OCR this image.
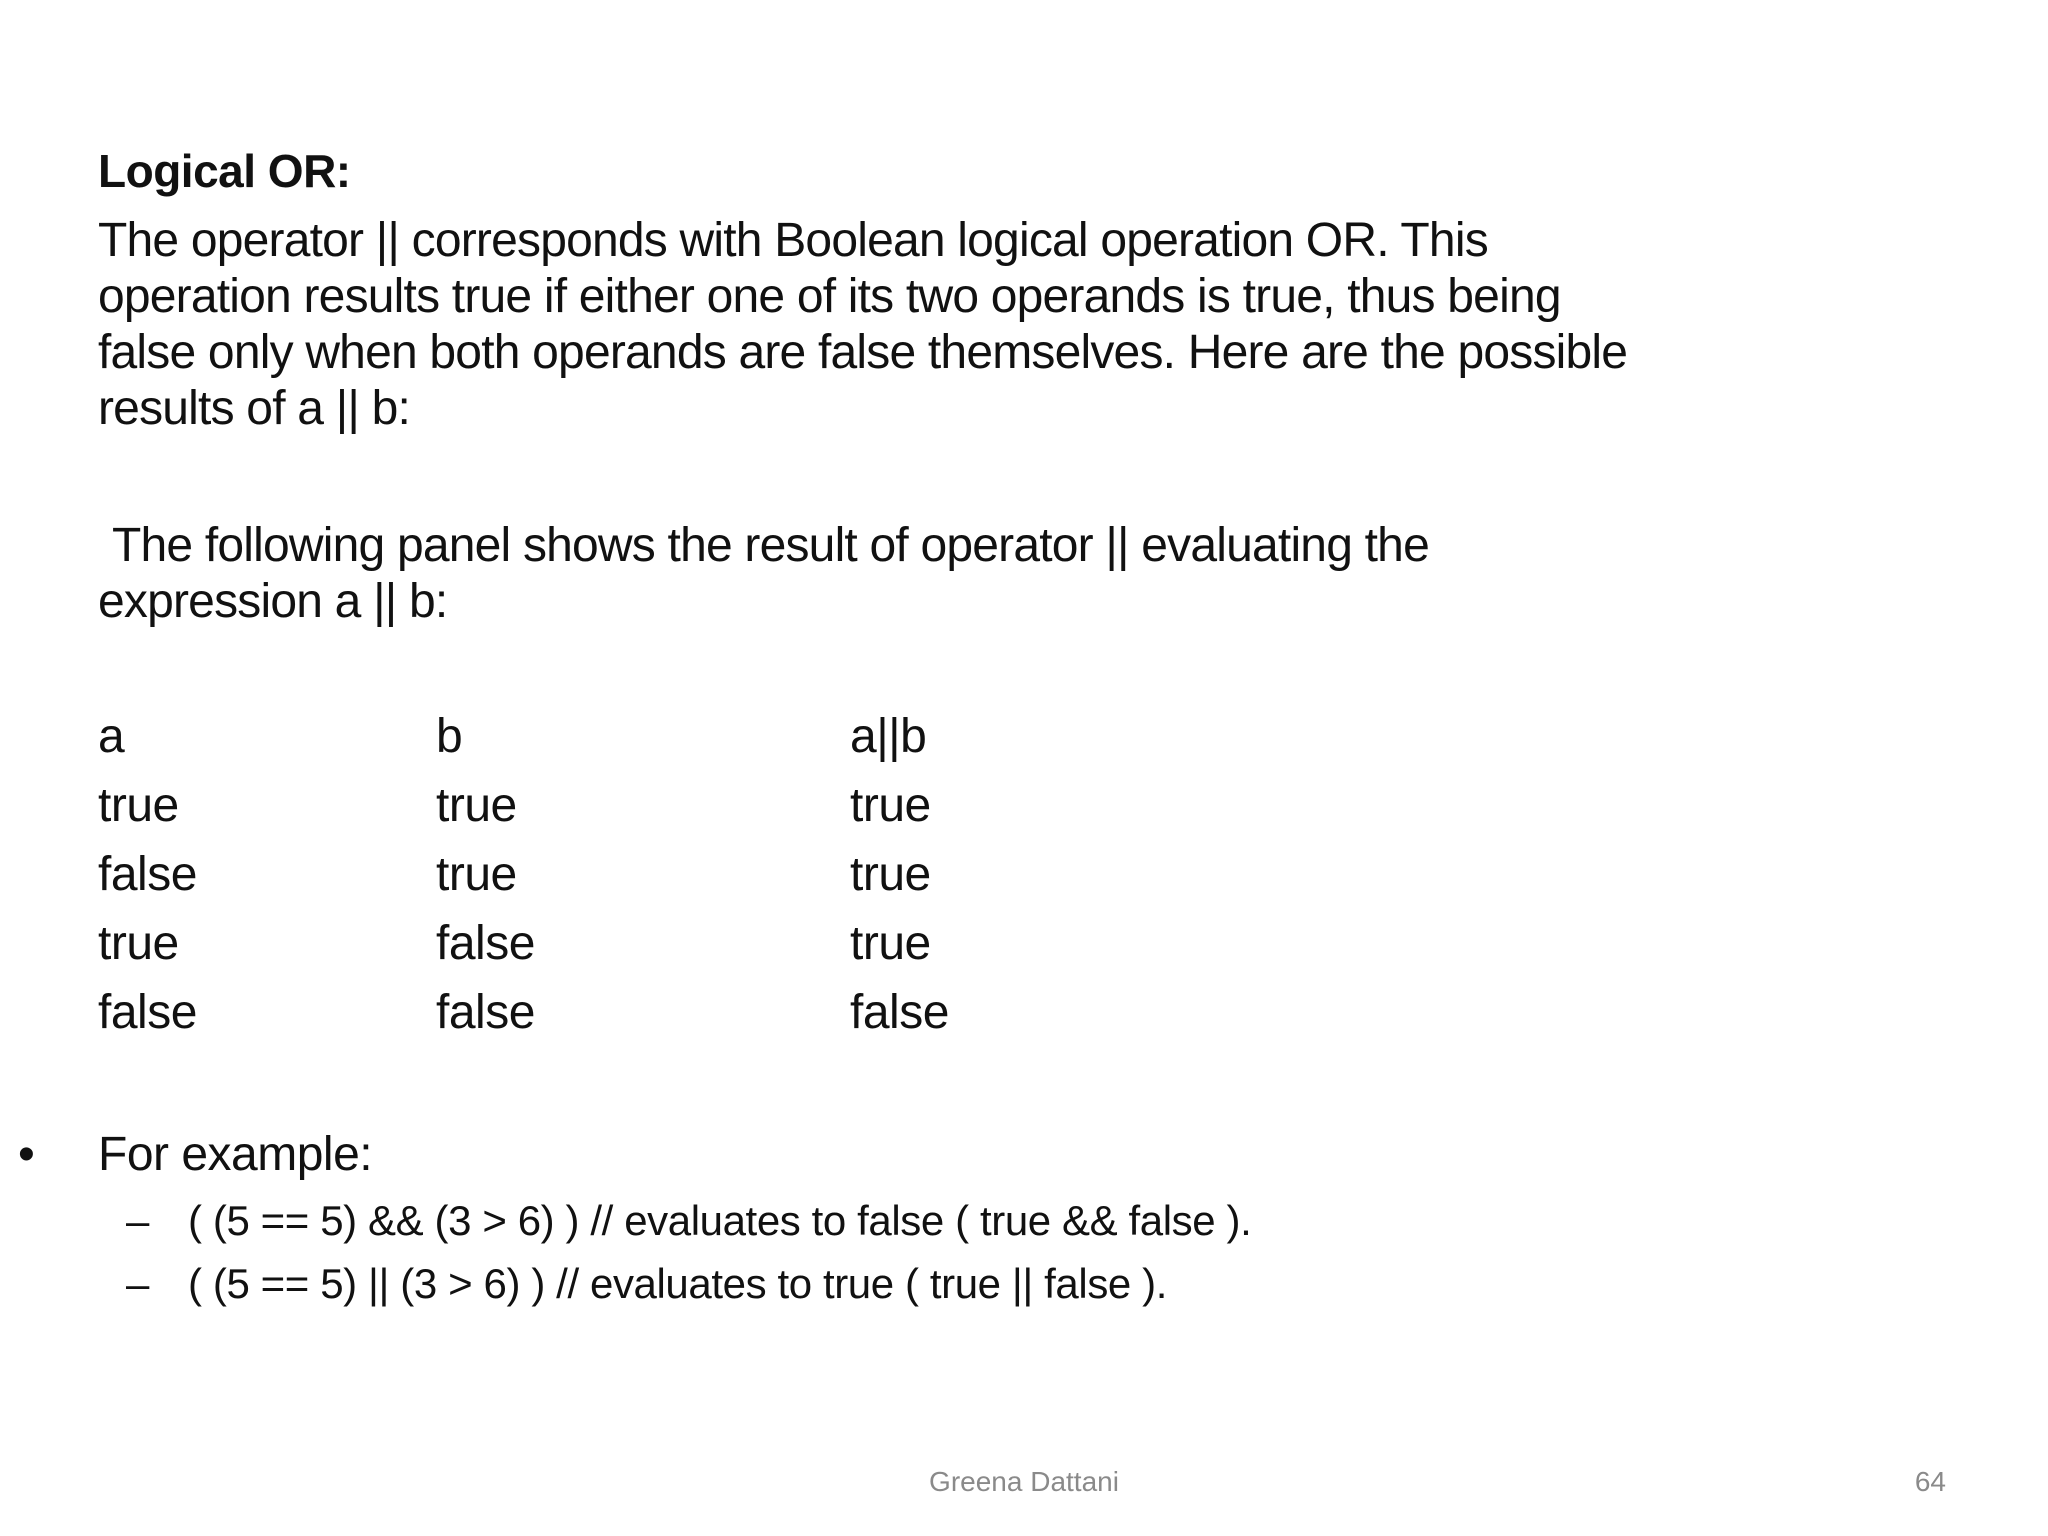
Logical OR:
The operator || corresponds with Boolean logical operation OR. This
operation results true if either one of its two operands is true, thus being
false only when both operands are false themselves. Here are the possible
results of a || b:
The following panel shows the result of operator || evaluating the
expression a || b:
a	b	a||b
true	true	true
false	true	true
true	false	true
false	false	false
• For example:
– ( (5 == 5) && (3 > 6) ) // evaluates to false ( true && false ).
– ( (5 == 5) || (3 > 6) ) // evaluates to true ( true || false ).
Greena Dattani	64
